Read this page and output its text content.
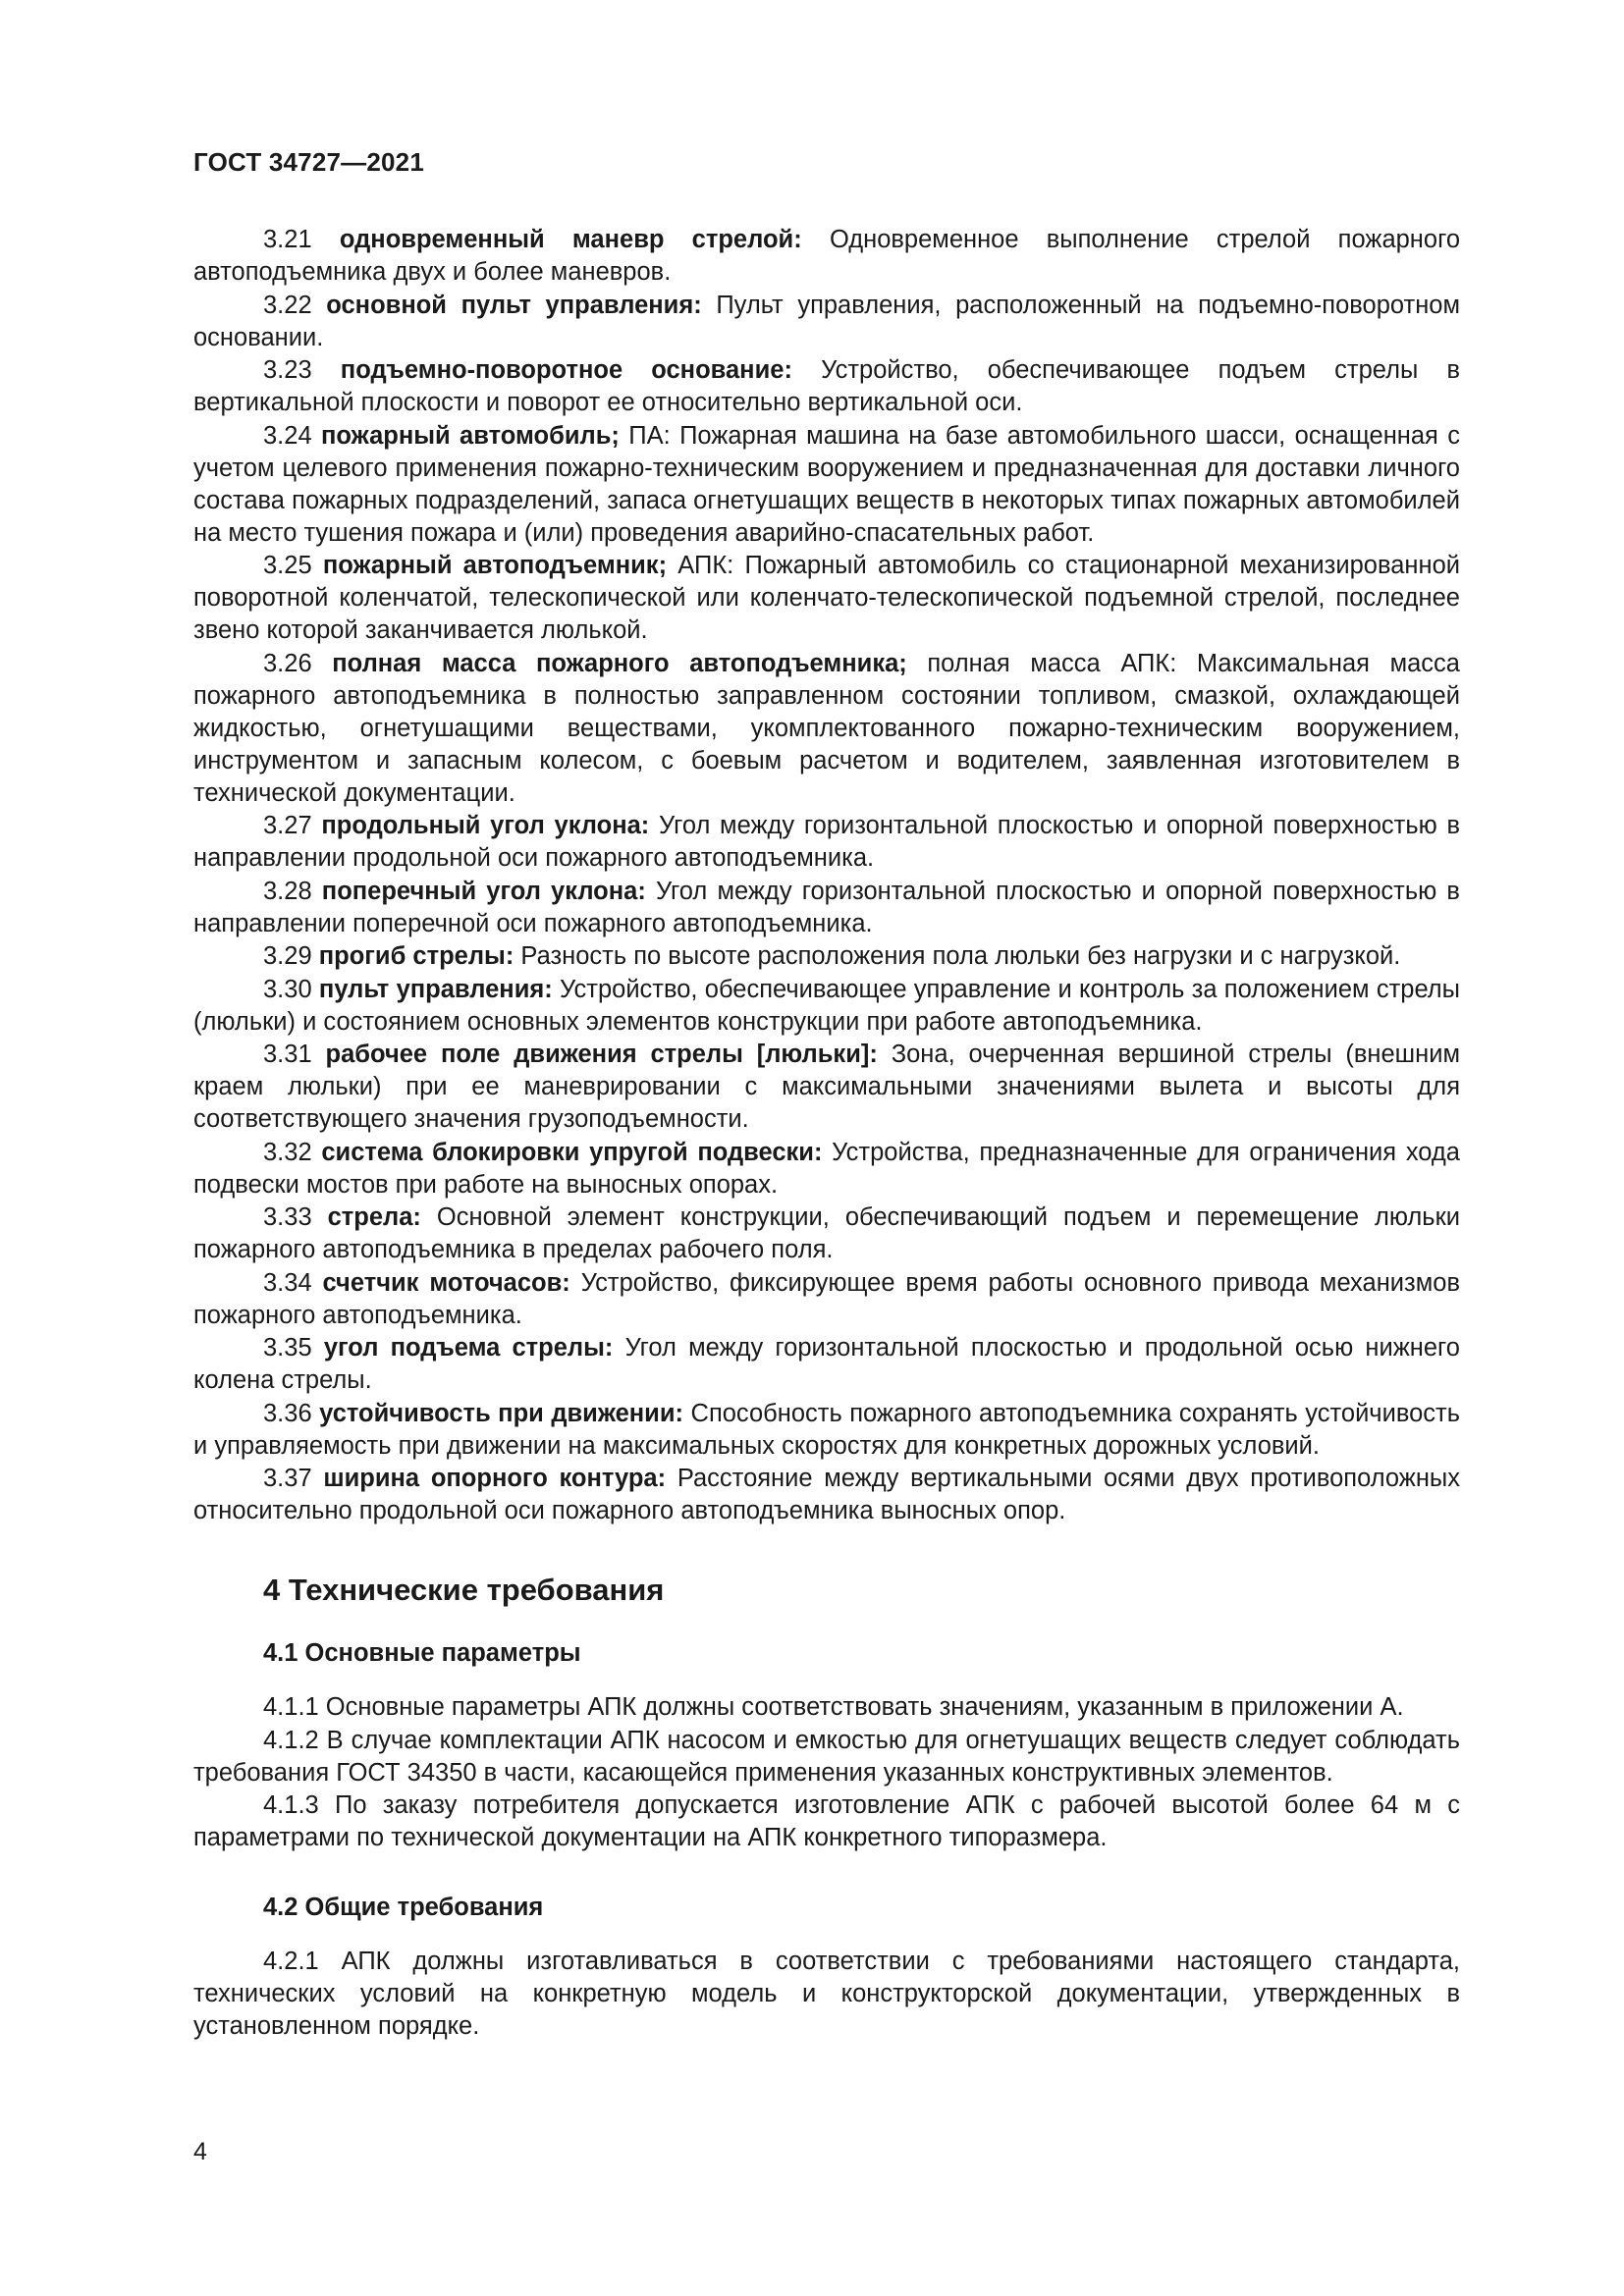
ГОСТ 34727—2021

3.21 одновременный маневр стрелой: Одновременное выполнение стрелой пожарного автоподъемника двух и более маневров.

3.22 основной пульт управления: Пульт управления, расположенный на подъемно-поворотном основании.

3.23 подъемно-поворотное основание: Устройство, обеспечивающее подъем стрелы в вертикальной плоскости и поворот ее относительно вертикальной оси.

3.24 пожарный автомобиль; ПА: Пожарная машина на базе автомобильного шасси, оснащенная с учетом целевого применения пожарно-техническим вооружением и предназначенная для доставки личного состава пожарных подразделений, запаса огнетушащих веществ в некоторых типах пожарных автомобилей на место тушения пожара и (или) проведения аварийно-спасательных работ.

3.25 пожарный автоподъемник; АПК: Пожарный автомобиль со стационарной механизированной поворотной коленчатой, телескопической или коленчато-телескопической подъемной стрелой, последнее звено которой заканчивается люлькой.

3.26 полная масса пожарного автоподъемника; полная масса АПК: Максимальная масса пожарного автоподъемника в полностью заправленном состоянии топливом, смазкой, охлаждающей жидкостью, огнетушащими веществами, укомплектованного пожарно-техническим вооружением, инструментом и запасным колесом, с боевым расчетом и водителем, заявленная изготовителем в технической документации.

3.27 продольный угол уклона: Угол между горизонтальной плоскостью и опорной поверхностью в направлении продольной оси пожарного автоподъемника.

3.28 поперечный угол уклона: Угол между горизонтальной плоскостью и опорной поверхностью в направлении поперечной оси пожарного автоподъемника.

3.29 прогиб стрелы: Разность по высоте расположения пола люльки без нагрузки и с нагрузкой.

3.30 пульт управления: Устройство, обеспечивающее управление и контроль за положением стрелы (люльки) и состоянием основных элементов конструкции при работе автоподъемника.

3.31 рабочее поле движения стрелы [люльки]: Зона, очерченная вершиной стрелы (внешним краем люльки) при ее маневрировании с максимальными значениями вылета и высоты для соответствующего значения грузоподъемности.

3.32 система блокировки упругой подвески: Устройства, предназначенные для ограничения хода подвески мостов при работе на выносных опорах.

3.33 стрела: Основной элемент конструкции, обеспечивающий подъем и перемещение люльки пожарного автоподъемника в пределах рабочего поля.

3.34 счетчик моточасов: Устройство, фиксирующее время работы основного привода механизмов пожарного автоподъемника.

3.35 угол подъема стрелы: Угол между горизонтальной плоскостью и продольной осью нижнего колена стрелы.

3.36 устойчивость при движении: Способность пожарного автоподъемника сохранять устойчивость и управляемость при движении на максимальных скоростях для конкретных дорожных условий.

3.37 ширина опорного контура: Расстояние между вертикальными осями двух противоположных относительно продольной оси пожарного автоподъемника выносных опор.

4 Технические требования
4.1 Основные параметры

4.1.1 Основные параметры АПК должны соответствовать значениям, указанным в приложении А.

4.1.2 В случае комплектации АПК насосом и емкостью для огнетушащих веществ следует соблюдать требования ГОСТ 34350 в части, касающейся применения указанных конструктивных элементов.

4.1.3 По заказу потребителя допускается изготовление АПК с рабочей высотой более 64 м с параметрами по технической документации на АПК конкретного типоразмера.

4.2 Общие требования

4.2.1 АПК должны изготавливаться в соответствии с требованиями настоящего стандарта, технических условий на конкретную модель и конструкторской документации, утвержденных в установленном порядке.

4
